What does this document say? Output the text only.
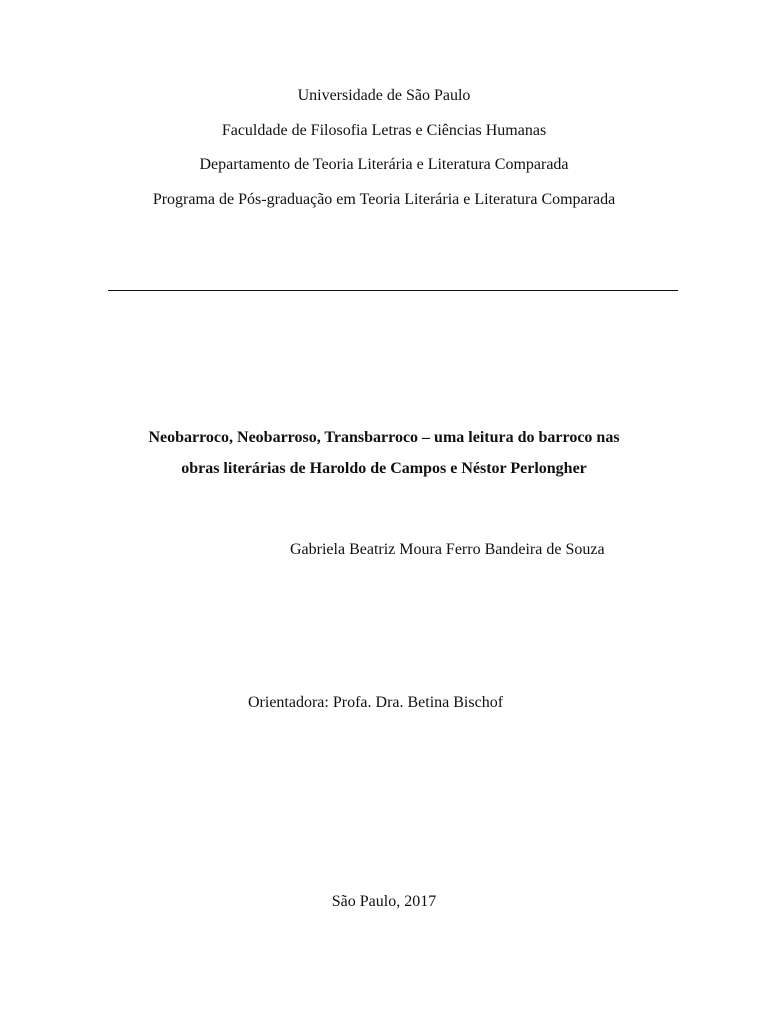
Universidade de São Paulo
Faculdade de Filosofia Letras e Ciências Humanas
Departamento de Teoria Literária e Literatura Comparada
Programa de Pós-graduação em Teoria Literária e Literatura Comparada
Neobarroco, Neobarroso, Transbarroco – uma leitura do barroco nas
obras literárias de Haroldo de Campos e Néstor Perlongher
Gabriela Beatriz Moura Ferro Bandeira de Souza
Orientadora: Profa. Dra. Betina Bischof
São Paulo, 2017
